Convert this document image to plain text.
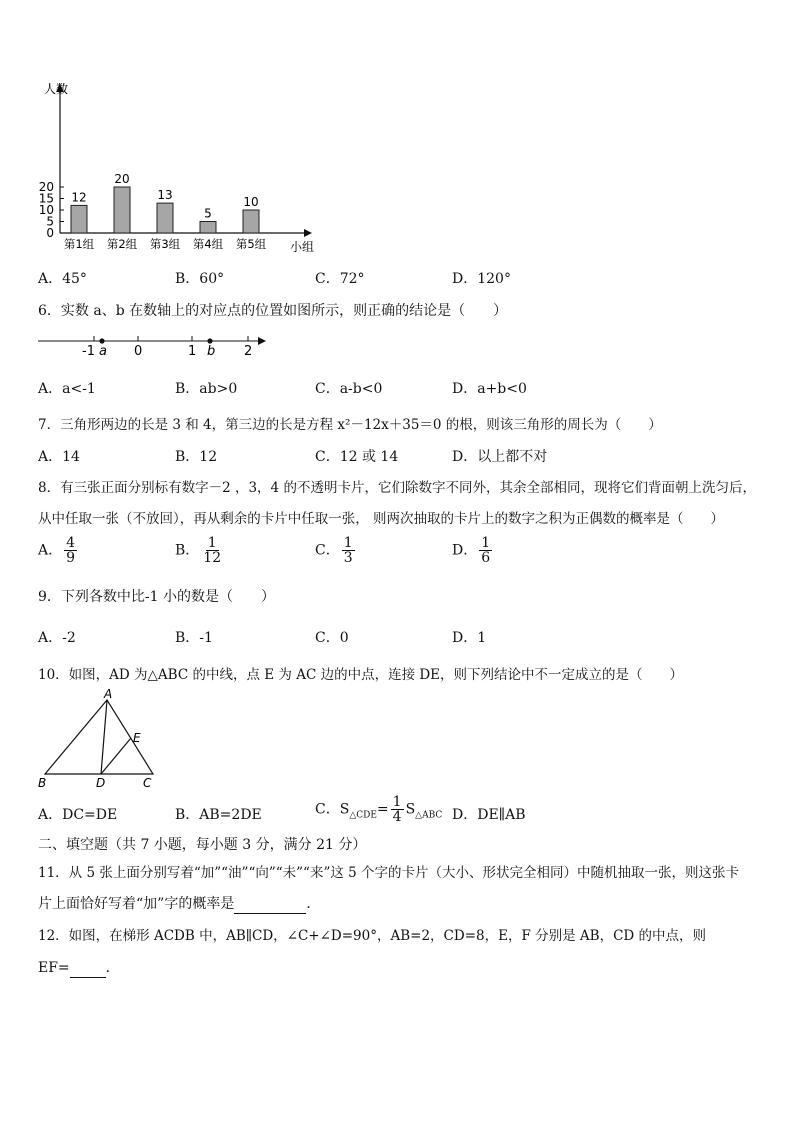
人数
小组
0
5
10
15
20
12
第1组
20
第2组
13
第3组
5
第4组
10
第5组
A．45°	B．60°	C．72°	D．120°
6．实数 a、b 在数轴上的对应点的位置如图所示，则正确的结论是（　　）
-1 a 0	1 b 2
A．a<-1	B．ab>0	C．a-b<0	D．a+b<0
7．三角形两边的长是 3 和 4，第三边的长是方程 x²－12x＋35＝0 的根，则该三角形的周长为（　　）
A．14	B．12	C．12 或 14	D．以上都不对
8．有三张正面分别标有数字－2 ，3，4 的不透明卡片，它们除数字不同外，其余全部相同，现将它们背面朝上洗匀后，
从中任取一张（不放回），再从剩余的卡片中任取一张， 则两次抽取的卡片上的数字之积为正偶数的概率是（　　）
A． $\frac{4}{9}$	B． $\frac{1}{12}$	C． $\frac{1}{3}$	D． $\frac{1}{6}$
9．下列各数中比-1 小的数是（　　）
A．-2	B．-1	C．0	D．1
10．如图，AD 为△ABC 的中线，点 E 为 AC 边的中点，连接 DE，则下列结论中不一定成立的是（　　）
A
B	C
D
E
A．DC=DE	B．AB=2DE	C．$S_{\triangle CDE}= \frac{1}{4} S_{\triangle ABC}$ D．DE∥AB
二、填空题（共 7 小题，每小题 3 分，满分 21 分）
11．从 5 张上面分别写着“加”“油”“向”“未”“来”这 5 个字的卡片（大小、形状完全相同）中随机抽取一张，则这张卡
片上面恰好写着“加”字的概率是	．
12．如图，在梯形 ACDB 中，AB∥CD，∠C+∠D=90°，AB=2，CD=8，E，F 分别是 AB，CD 的中点，则
EF=	．
